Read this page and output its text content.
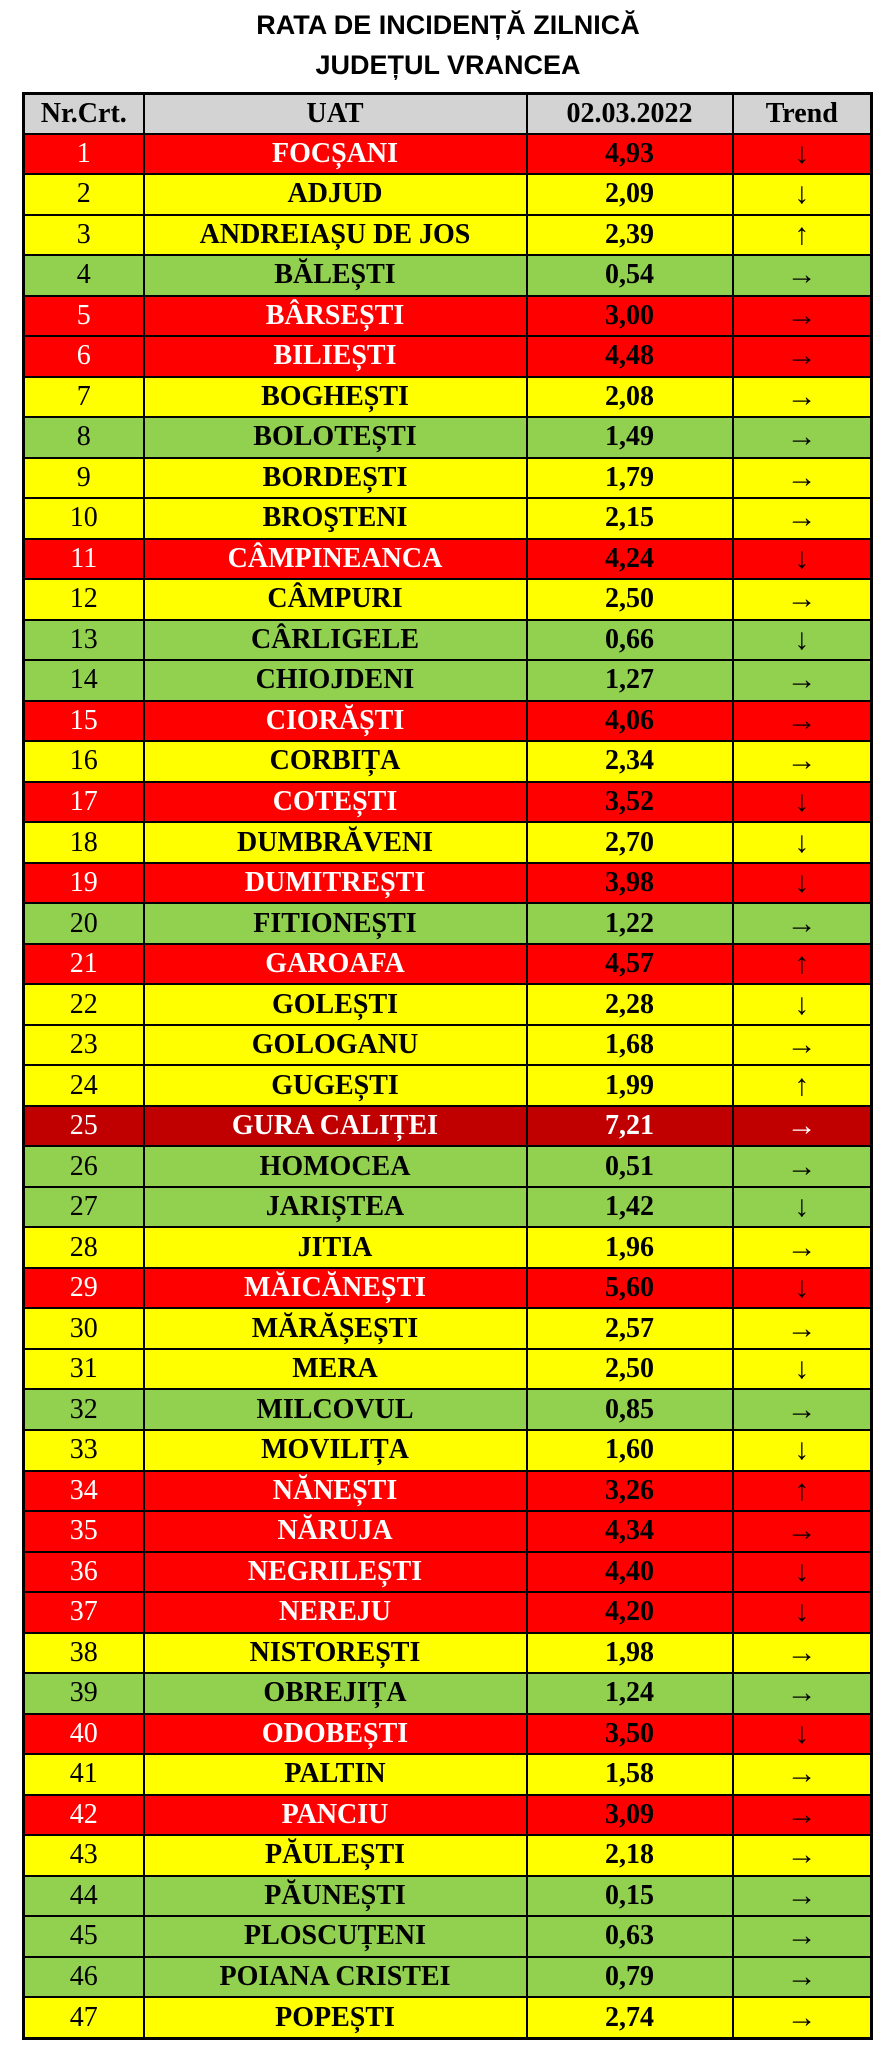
RATA DE INCIDENȚĂ ZILNICĂ
JUDEȚUL VRANCEA
Nr.Crt.	UAT	02.03.2022	Trend
1	FOCȘANI	4,93	↓
2	ADJUD	2,09	↓
3	ANDREIAȘU DE JOS	2,39	↑
4	BĂLEȘTI	0,54	→
5	BÂRSEȘTI	3,00	→
6	BILIEȘTI	4,48	→
7	BOGHEȘTI	2,08	→
8	BOLOTEȘTI	1,49	→
9	BORDEȘTI	1,79	→
10	BROŞTENI	2,15	→
11	CÂMPINEANCA	4,24	↓
12	CÂMPURI	2,50	→
13	CÂRLIGELE	0,66	↓
14	CHIOJDENI	1,27	→
15	CIORĂȘTI	4,06	→
16	CORBIȚA	2,34	→
17	COTEȘTI	3,52	↓
18	DUMBRĂVENI	2,70	↓
19	DUMITREȘTI	3,98	↓
20	FITIONEȘTI	1,22	→
21	GAROAFA	4,57	↑
22	GOLEȘTI	2,28	↓
23	GOLOGANU	1,68	→
24	GUGEȘTI	1,99	↑
25	GURA CALIȚEI	7,21	→
26	HOMOCEA	0,51	→
27	JARIȘTEA	1,42	↓
28	JITIA	1,96	→
29	MĂICĂNEȘTI	5,60	↓
30	MĂRĂȘEȘTI	2,57	→
31	MERA	2,50	↓
32	MILCOVUL	0,85	→
33	MOVILIȚA	1,60	↓
34	NĂNEȘTI	3,26	↑
35	NĂRUJA	4,34	→
36	NEGRILEȘTI	4,40	↓
37	NEREJU	4,20	↓
38	NISTOREȘTI	1,98	→
39	OBREJIȚA	1,24	→
40	ODOBEȘTI	3,50	↓
41	PALTIN	1,58	→
42	PANCIU	3,09	→
43	PĂULEȘTI	2,18	→
44	PĂUNEȘTI	0,15	→
45	PLOSCUȚENI	0,63	→
46	POIANA CRISTEI	0,79	→
47	POPEȘTI	2,74	→
